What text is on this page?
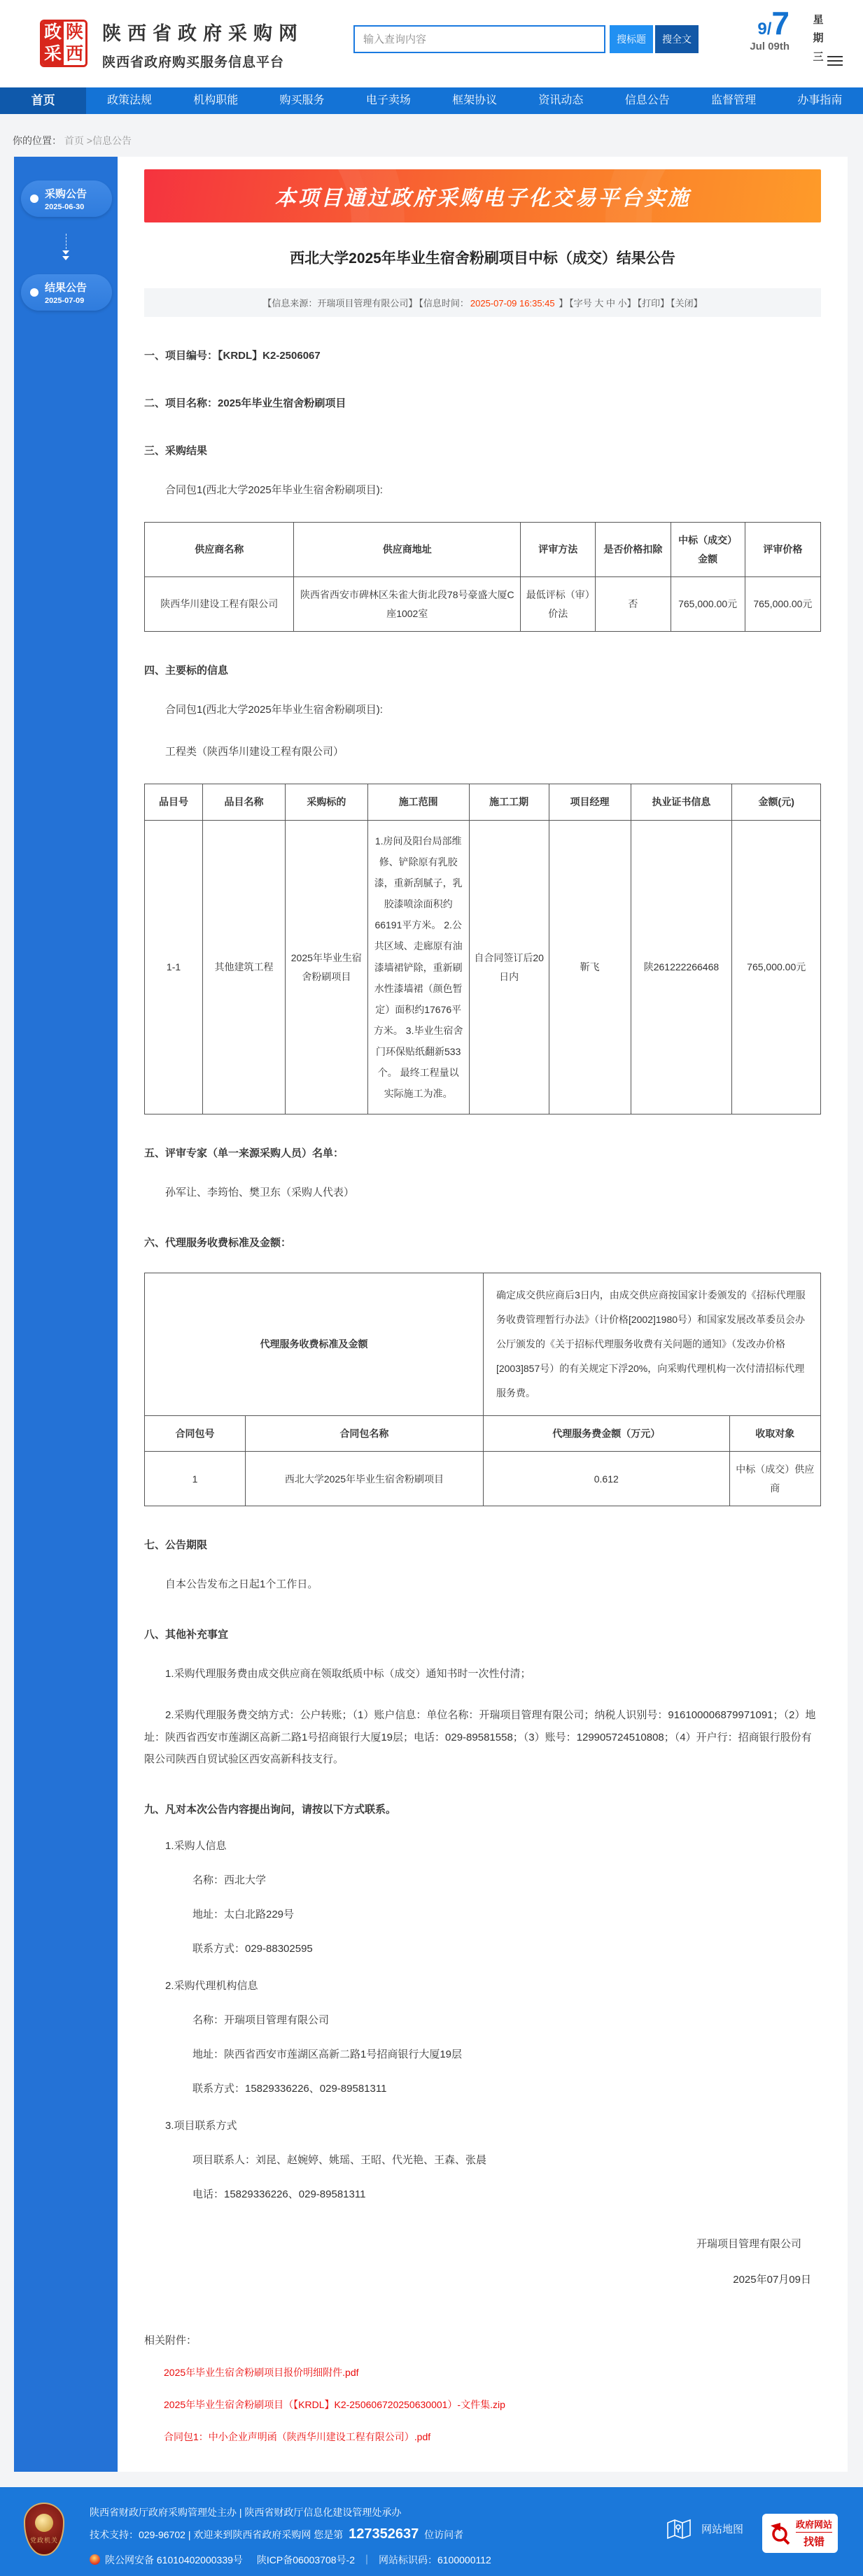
政 陕
采 西
陕西省政府采购网
陕西省政府购买服务信息平台
输入查询内容
搜标题	搜全文
9/ 7
Jul 09th
星期三
首页	政策法规	机构职能	购买服务	电子卖场	框架协议	资讯动态	信息公告	监督管理	办事指南
你的位置： 首页 >信息公告
采购公告
2025-06-30
结果公告
2025-07-09
本项目通过政府采购电子化交易平台实施
西北大学2025年毕业生宿舍粉刷项目中标（成交）结果公告
【信息来源：开瑞项目管理有限公司】 【信息时间： 2025-07-09 16:35:45 】 【字号 大 中 小】 【打印】 【关闭】
一、项目编号：【KRDL】K2-2506067
二、项目名称：2025年毕业生宿舍粉刷项目
三、采购结果
合同包1(西北大学2025年毕业生宿舍粉刷项目):
供应商名称	供应商地址	评审方法	是否价格扣除	中标（成交）金额	评审价格
陕西华川建设工程有限公司	陕西省西安市碑林区朱雀大街北段78号豪盛大厦C座1002室	最低评标（审）价法	否	765,000.00元	765,000.00元
四、主要标的信息
合同包1(西北大学2025年毕业生宿舍粉刷项目):
工程类（陕西华川建设工程有限公司）
品目号	品目名称	采购标的	施工范围	施工工期	项目经理	执业证书信息	金额(元)
1-1	其他建筑工程	2025年毕业生宿舍粉刷项目	1.房间及阳台局部维修、铲除原有乳胶漆，重新刮腻子，乳胶漆喷涂面积约66191平方米。 2.公共区域、走廊原有油漆墙裙铲除，重新刷水性漆墙裙（颜色暂定）面积约17676平方米。 3.毕业生宿舍门环保贴纸翻新533个。 最终工程量以实际施工为准。	自合同签订后20日内	靳飞	陕261222266468	765,000.00元
五、评审专家（单一来源采购人员）名单：
孙军让、李筠怡、樊卫东（采购人代表）
六、代理服务收费标准及金额：
代理服务收费标准及金额		确定成交供应商后3日内，由成交供应商按国家计委颁发的《招标代理服务收费管理暂行办法》（计价格[2002]1980号）和国家发展改革委员会办公厅颁发的《关于招标代理服务收费有关问题的通知》（发改办价格[2003]857号）的有关规定下浮20%，向采购代理机构一次付清招标代理服务费。	
合同包号	合同包名称	代理服务费金额（万元）	收取对象
1	西北大学2025年毕业生宿舍粉刷项目	0.612	中标（成交）供应商
七、公告期限
自本公告发布之日起1个工作日。
八、其他补充事宜
1.采购代理服务费由成交供应商在领取纸质中标（成交）通知书时一次性付清；
2.采购代理服务费交纳方式：公户转账；（1）账户信息：单位名称：开瑞项目管理有限公司；纳税人识别号：916100006879971091；（2）地址：陕西省西安市莲湖区高新二路1号招商银行大厦19层；电话：029-89581558；（3）账号：129905724510808；（4）开户行：招商银行股份有限公司陕西自贸试验区西安高新科技支行。
九、凡对本次公告内容提出询问，请按以下方式联系。
1.采购人信息
名称：西北大学
地址：太白北路229号
联系方式：029-88302595
2.采购代理机构信息
名称：开瑞项目管理有限公司
地址：陕西省西安市莲湖区高新二路1号招商银行大厦19层
联系方式：15829336226、029-89581311
3.项目联系方式
项目联系人：刘昆、赵婉婷、姚瑶、王昭、代光艳、王森、张晨
电话：15829336226、029-89581311
开瑞项目管理有限公司
2025年07月09日
相关附件：
2025年毕业生宿舍粉刷项目报价明细附件.pdf
2025年毕业生宿舍粉刷项目（【KRDL】K2-250606720250630001）-文件集.zip
合同包1：中小企业声明函（陕西华川建设工程有限公司）.pdf
党政机关
陕西省财政厅政府采购管理处主办 | 陕西省财政厅信息化建设管理处承办
技术支持：029-96702 | 欢迎来到陕西省政府采购网 您是第 127352637 位访问者
陕公网安备 61010402000339号 陕ICP备06003708号-2 ｜ 网站标识码：6100000112
网站地图	政府网站
找错
